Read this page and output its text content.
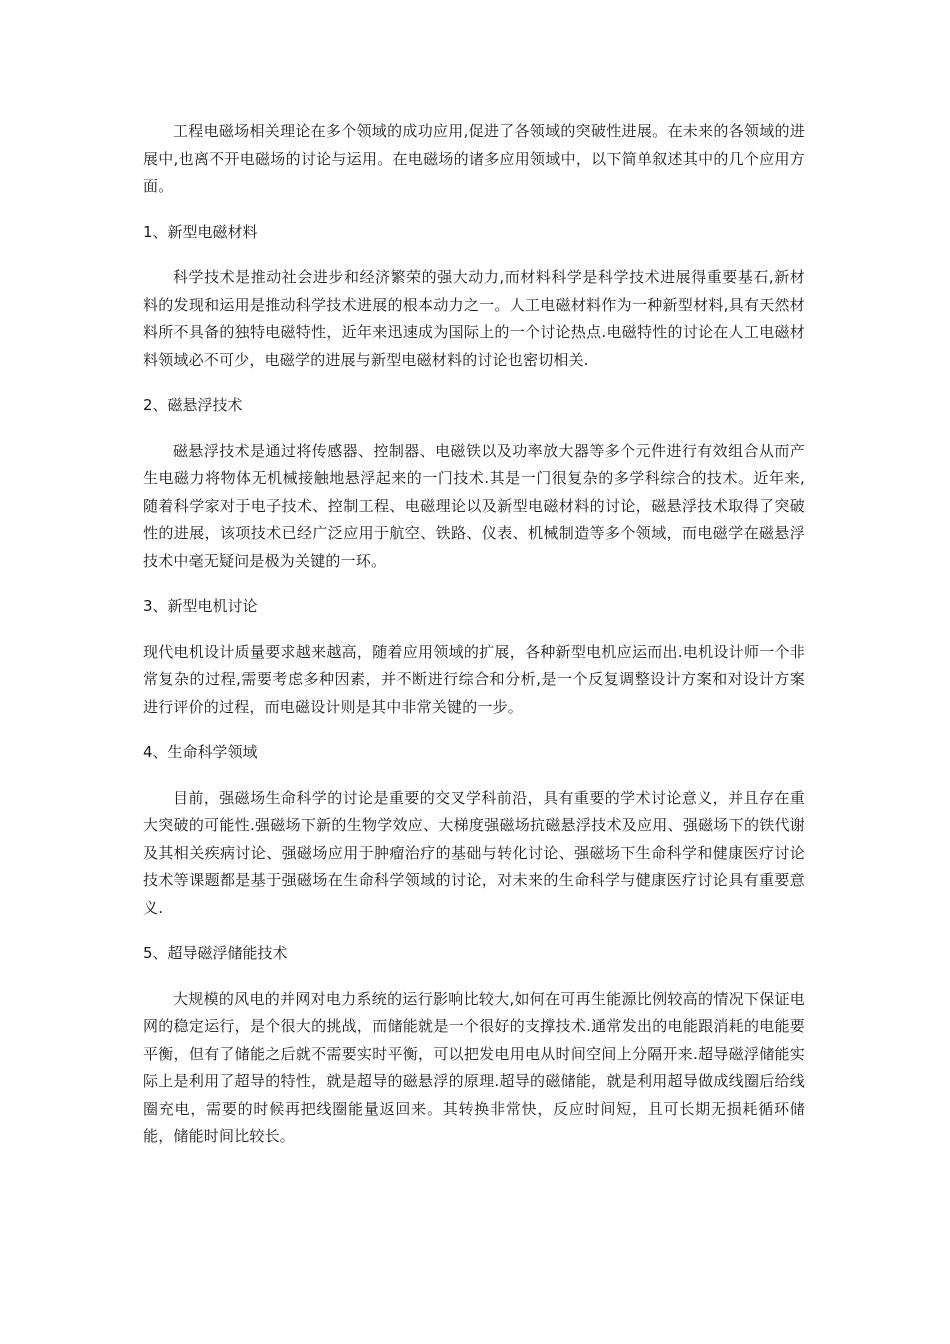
工程电磁场相关理论在多个领域的成功应用,促进了各领域的突破性进展。在未来的各领域的进展中,也离不开电磁场的讨论与运用。在电磁场的诸多应用领域中，以下简单叙述其中的几个应用方面。

1、新型电磁材料

科学技术是推动社会进步和经济繁荣的强大动力,而材料科学是科学技术进展得重要基石,新材料的发现和运用是推动科学技术进展的根本动力之一。人工电磁材料作为一种新型材料,具有天然材料所不具备的独特电磁特性，近年来迅速成为国际上的一个讨论热点.电磁特性的讨论在人工电磁材料领域必不可少，电磁学的进展与新型电磁材料的讨论也密切相关.

2、磁悬浮技术

磁悬浮技术是通过将传感器、控制器、电磁铁以及功率放大器等多个元件进行有效组合从而产生电磁力将物体无机械接触地悬浮起来的一门技术.其是一门很复杂的多学科综合的技术。近年来,随着科学家对于电子技术、控制工程、电磁理论以及新型电磁材料的讨论，磁悬浮技术取得了突破性的进展，该项技术已经广泛应用于航空、铁路、仪表、机械制造等多个领域，而电磁学在磁悬浮技术中毫无疑问是极为关键的一环。

3、新型电机讨论

现代电机设计质量要求越来越高，随着应用领域的扩展，各种新型电机应运而出.电机设计师一个非常复杂的过程,需要考虑多种因素，并不断进行综合和分析,是一个反复调整设计方案和对设计方案进行评价的过程，而电磁设计则是其中非常关键的一步。

4、生命科学领域

目前，强磁场生命科学的讨论是重要的交叉学科前沿，具有重要的学术讨论意义，并且存在重大突破的可能性.强磁场下新的生物学效应、大梯度强磁场抗磁悬浮技术及应用、强磁场下的铁代谢及其相关疾病讨论、强磁场应用于肿瘤治疗的基础与转化讨论、强磁场下生命科学和健康医疗讨论技术等课题都是基于强磁场在生命科学领域的讨论，对未来的生命科学与健康医疗讨论具有重要意义.

5、超导磁浮储能技术

大规模的风电的并网对电力系统的运行影响比较大,如何在可再生能源比例较高的情况下保证电网的稳定运行，是个很大的挑战，而储能就是一个很好的支撑技术.通常发出的电能跟消耗的电能要平衡，但有了储能之后就不需要实时平衡，可以把发电用电从时间空间上分隔开来.超导磁浮储能实际上是利用了超导的特性，就是超导的磁悬浮的原理.超导的磁储能，就是利用超导做成线圈后给线圈充电，需要的时候再把线圈能量返回来。其转换非常快，反应时间短，且可长期无损耗循环储能，储能时间比较长。
